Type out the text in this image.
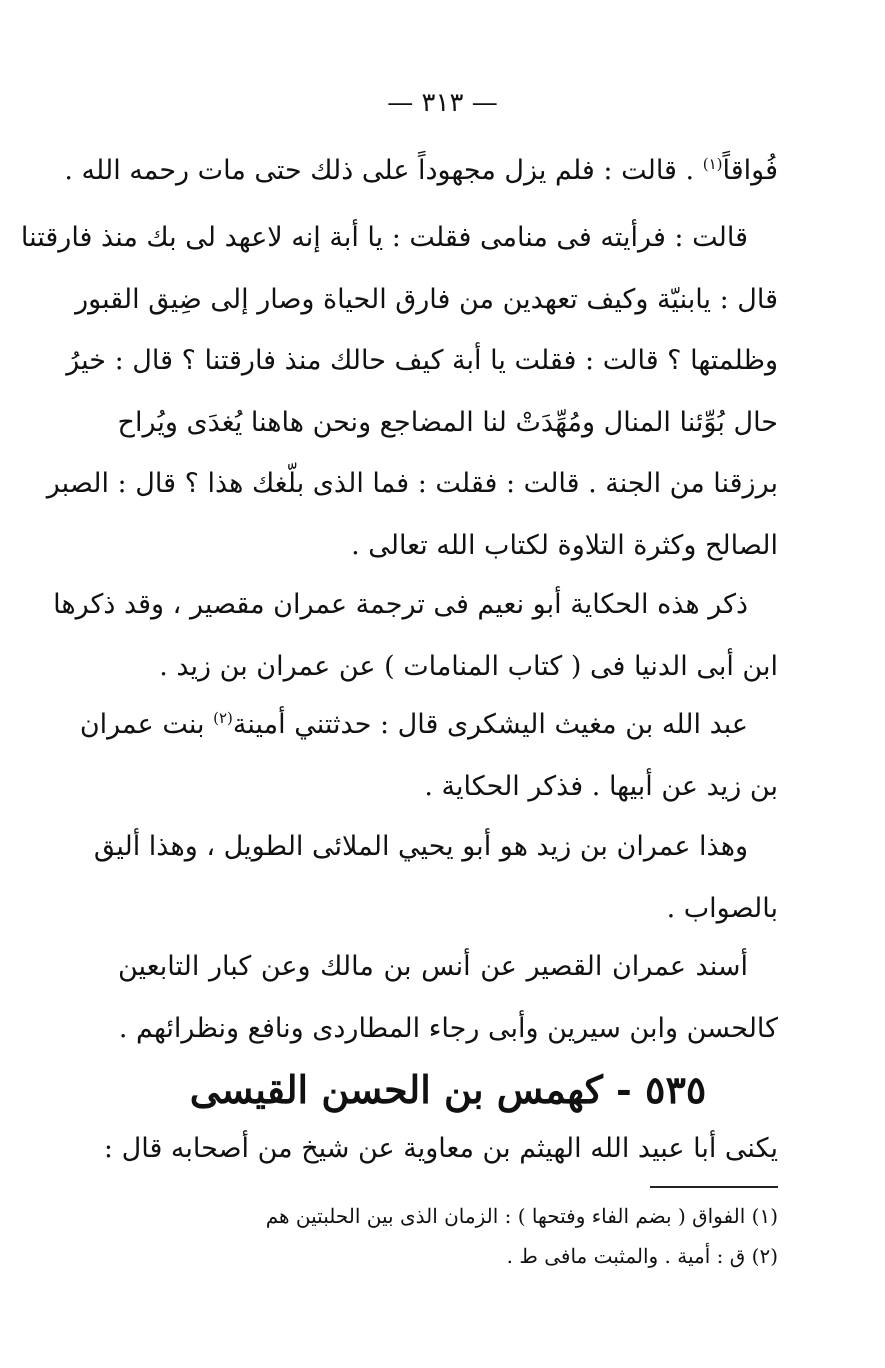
— ٣١٣ —
فُواقاً$^{(١)}$ . قالت : فلم يزل مجهوداً على ذلك حتى مات رحمه الله .
قالت : فرأيته فى منامى فقلت : يا أبة إنه لاعهد لى بك منذ فارقتنا
قال : يابنيّة وكيف تعهدين من فارق الحياة وصار إلى ضِيق القبور
وظلمتها ؟ قالت : فقلت يا أبة كيف حالك منذ فارقتنا ؟ قال : خيرُ
حال بُوِّئنا المنال ومُهِّدَتْ لنا المضاجع ونحن هاهنا يُغدَى ويُراح
برزقنا من الجنة . قالت : فقلت : فما الذى بلّغك هذا ؟ قال : الصبر
الصالح وكثرة التلاوة لكتاب الله تعالى .
ذكر هذه الحكاية أبو نعيم فى ترجمة عمران مقصير ، وقد ذكرها
ابن أبى الدنيا فى ( كتاب المنامات ) عن عمران بن زيد .
عبد الله بن مغيث اليشكرى قال : حدثتني أمينة$^{(٢)}$ بنت عمران
بن زيد عن أبيها . فذكر الحكاية .
وهذا عمران بن زيد هو أبو يحيي الملائى الطويل ، وهذا أليق
بالصواب .
أسند عمران القصير عن أنس بن مالك وعن كبار التابعين
كالحسن وابن سيرين وأبى رجاء المطاردى ونافع ونظرائهم .
٥٣٥ - كهمس بن الحسن القيسى
يكنى أبا عبيد الله الهيثم بن معاوية عن شيخ من أصحابه قال :
(١) الفواق ( بضم الفاء وفتحها ) : الزمان الذى بين الحلبتين هم
(٢) ق : أمية . والمثبت مافى ط .
